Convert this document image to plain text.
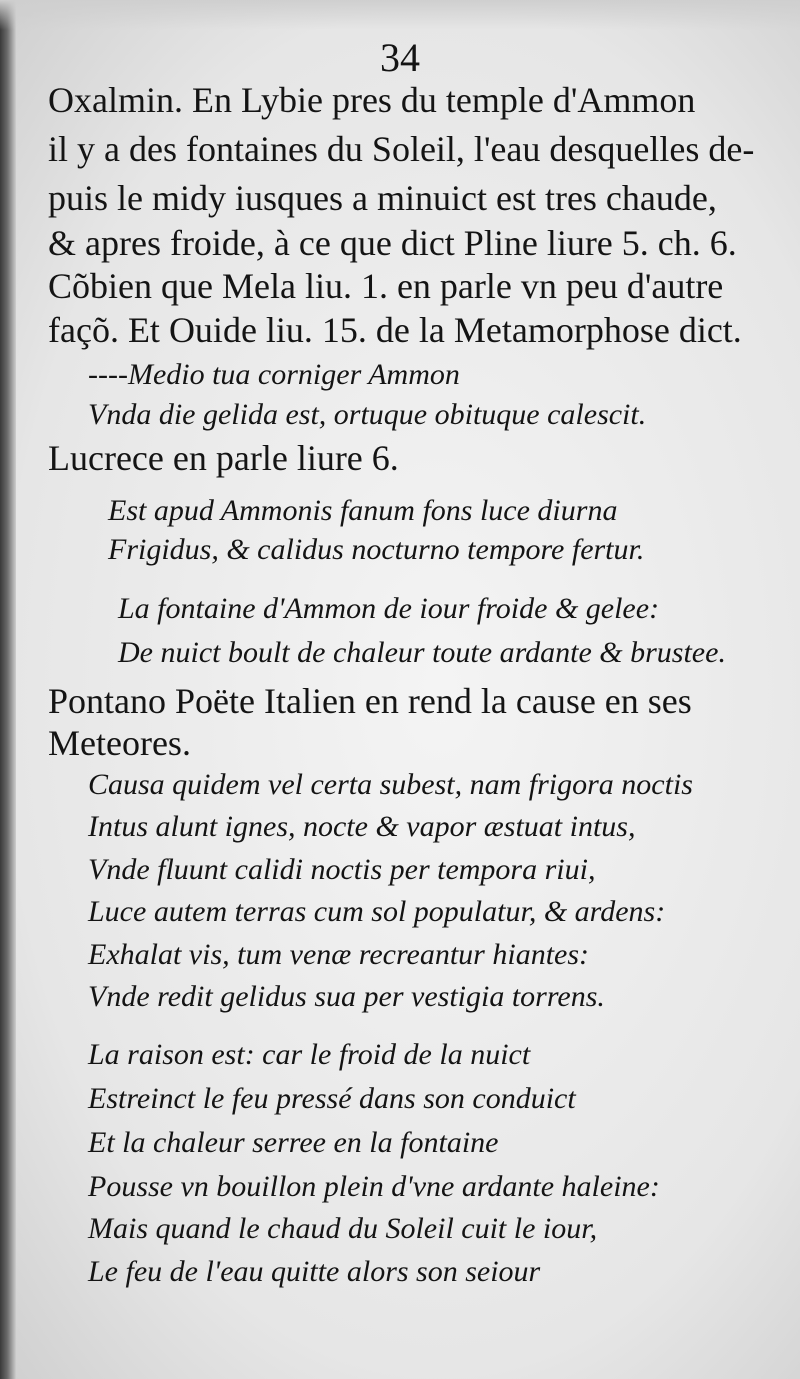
34
Oxalmin. En Lybie pres du temple d'Ammon
il y a des fontaines du Soleil, l'eau desquelles de-
puis le midy iusques a minuict est tres chaude,
& apres froide, à ce que dict Pline liure 5. ch. 6.
Cõbien que Mela liu. 1. en parle vn peu d'autre
façõ. Et Ouide liu. 15. de la Metamorphose dict.
----Medio tua corniger Ammon
Vnda die gelida est, ortuque obituque calescit.
Lucrece en parle liure 6.
Est apud Ammonis fanum fons luce diurna
Frigidus, & calidus nocturno tempore fertur.
La fontaine d'Ammon de iour froide & gelee:
De nuict boult de chaleur toute ardante & brustee.
Pontano Poëte Italien en rend la cause en ses
Meteores.
Causa quidem vel certa subest, nam frigora noctis
Intus alunt ignes, nocte & vapor æstuat intus,
Vnde fluunt calidi noctis per tempora riui,
Luce autem terras cum sol populatur, & ardens:
Exhalat vis, tum venæ recreantur hiantes:
Vnde redit gelidus sua per vestigia torrens.
La raison est: car le froid de la nuict
Estreinct le feu pressé dans son conduict
Et la chaleur serree en la fontaine
Pousse vn bouillon plein d'vne ardante haleine:
Mais quand le chaud du Soleil cuit le iour,
Le feu de l'eau quitte alors son seiour
